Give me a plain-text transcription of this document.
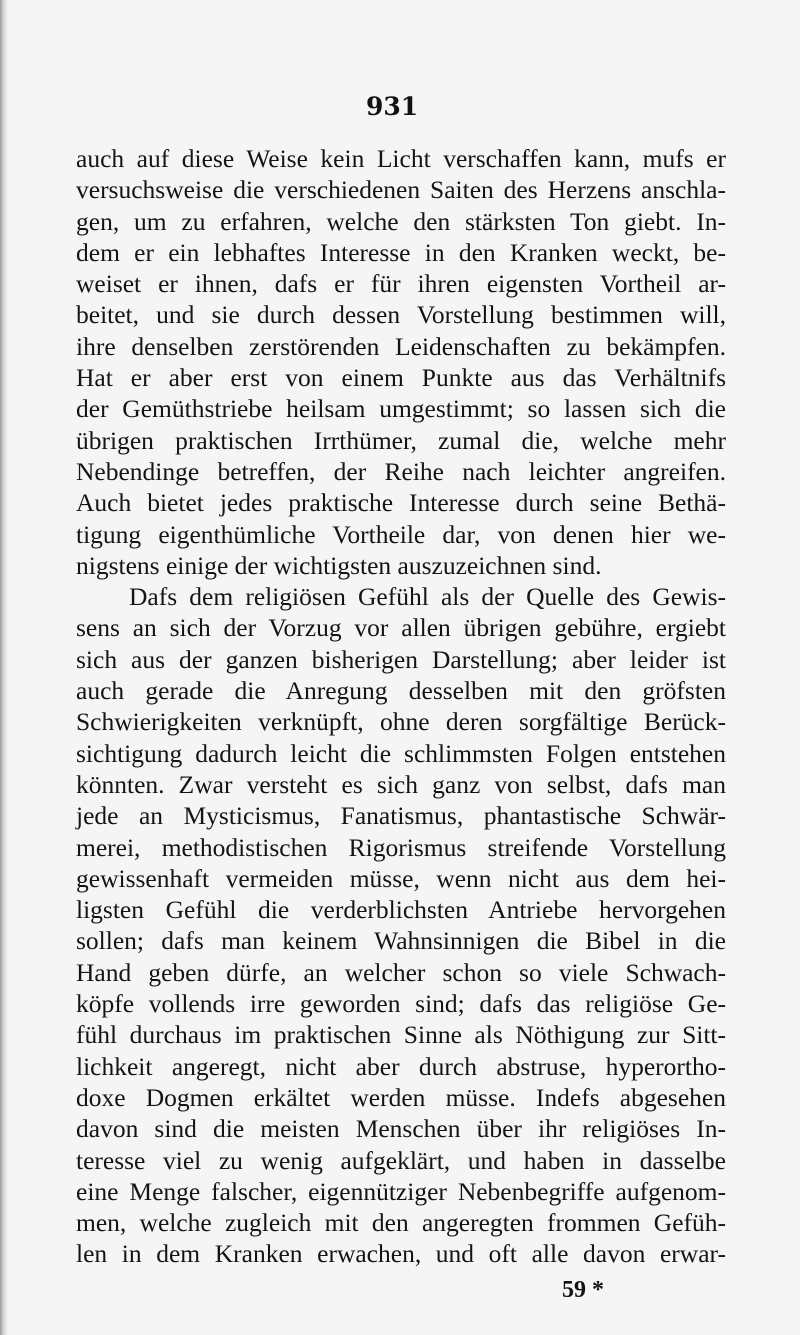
931
auch auf diese Weise kein Licht verschaffen kann, mufs er
versuchsweise die verschiedenen Saiten des Herzens anschla-
gen, um zu erfahren, welche den stärksten Ton giebt. In-
dem er ein lebhaftes Interesse in den Kranken weckt, be-
weiset er ihnen, dafs er für ihren eigensten Vortheil ar-
beitet, und sie durch dessen Vorstellung bestimmen will,
ihre denselben zerstörenden Leidenschaften zu bekämpfen.
Hat er aber erst von einem Punkte aus das Verhältnifs
der Gemüthstriebe heilsam umgestimmt; so lassen sich die
übrigen praktischen Irrthümer, zumal die, welche mehr
Nebendinge betreffen, der Reihe nach leichter angreifen.
Auch bietet jedes praktische Interesse durch seine Bethä-
tigung eigenthümliche Vortheile dar, von denen hier we-
nigstens einige der wichtigsten auszuzeichnen sind.
Dafs dem religiösen Gefühl als der Quelle des Gewis-
sens an sich der Vorzug vor allen übrigen gebühre, ergiebt
sich aus der ganzen bisherigen Darstellung; aber leider ist
auch gerade die Anregung desselben mit den gröfsten
Schwierigkeiten verknüpft, ohne deren sorgfältige Berück-
sichtigung dadurch leicht die schlimmsten Folgen entstehen
könnten. Zwar versteht es sich ganz von selbst, dafs man
jede an Mysticismus, Fanatismus, phantastische Schwär-
merei, methodistischen Rigorismus streifende Vorstellung
gewissenhaft vermeiden müsse, wenn nicht aus dem hei-
ligsten Gefühl die verderblichsten Antriebe hervorgehen
sollen; dafs man keinem Wahnsinnigen die Bibel in die
Hand geben dürfe, an welcher schon so viele Schwach-
köpfe vollends irre geworden sind; dafs das religiöse Ge-
fühl durchaus im praktischen Sinne als Nöthigung zur Sitt-
lichkeit angeregt, nicht aber durch abstruse, hyperortho-
doxe Dogmen erkältet werden müsse. Indefs abgesehen
davon sind die meisten Menschen über ihr religiöses In-
teresse viel zu wenig aufgeklärt, und haben in dasselbe
eine Menge falscher, eigennütziger Nebenbegriffe aufgenom-
men, welche zugleich mit den angeregten frommen Gefüh-
len in dem Kranken erwachen, und oft alle davon erwar-
59 *
